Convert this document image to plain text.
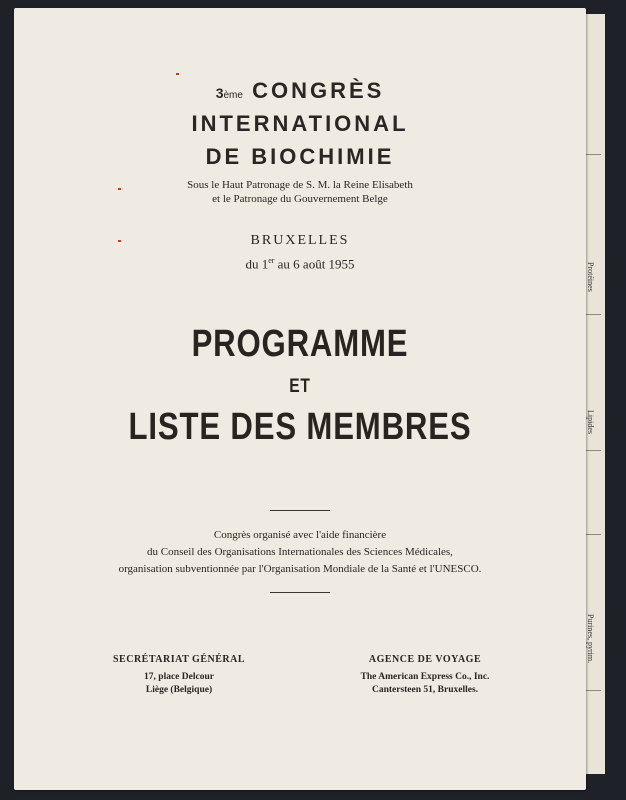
Protéines
Lipides
Purines, pyrim.
3ème CONGRÈS
INTERNATIONAL
DE BIOCHIMIE
Sous le Haut Patronage de S. M. la Reine Elisabeth
et le Patronage du Gouvernement Belge
BRUXELLES
du 1er au 6 août 1955
PROGRAMME
ET
LISTE DES MEMBRES
Congrès organisé avec l'aide financière
du Conseil des Organisations Internationales des Sciences Médicales,
organisation subventionnée par l'Organisation Mondiale de la Santé et l'UNESCO.
SECRÉTARIAT GÉNÉRAL
17, place Delcour
Liège (Belgique)
AGENCE DE VOYAGE
The American Express Co., Inc.
Cantersteen 51, Bruxelles.
